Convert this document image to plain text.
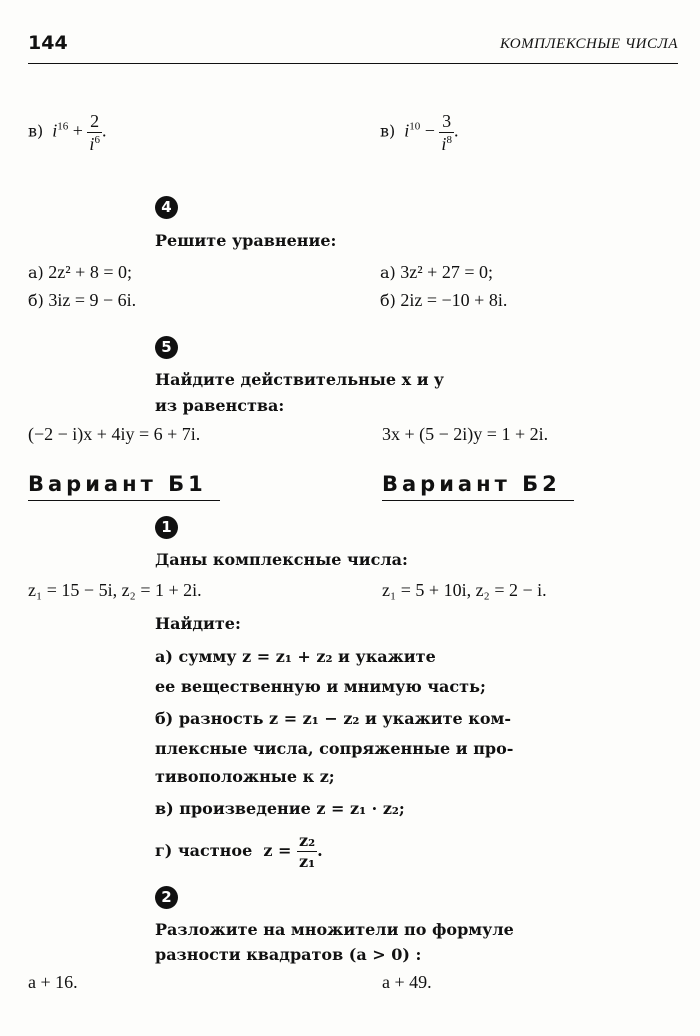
144	КОМПЛЕКСНЫЕ ЧИСЛА
в) $i^{16} + \frac{2}{i^6}$ .	в) $i^{10} - \frac{3}{i^8}$ .
4
Решите уравнение:
а) 2z² + 8 = 0;	а) 3z² + 27 = 0;
б) 3iz = 9 − 6i.	б) 2iz = −10 + 8i.
5
Найдите действительные x и y
из равенства:
(−2 − i)x + 4iy = 6 + 7i.	3x + (5 − 2i)y = 1 + 2i.
Вариант Б1	Вариант Б2
1
Даны комплексные числа:
z₁ = 15 − 5i, z₂ = 1 + 2i.	z₁ = 5 + 10i, z₂ = 2 − i.
Найдите:
а) сумму z = z₁ + z₂ и укажите
ее вещественную и мнимую часть;
б) разность z = z₁ − z₂ и укажите ком-
плексные числа, сопряженные и про-
тивоположные к z;
в) произведение z = z₁ · z₂;
г) частное $z = \frac{\text{z₂}}{\text{z₁}}$ .
2
Разложите на множители по формуле
разности квадратов (a > 0) :
a + 16.	a + 49.
